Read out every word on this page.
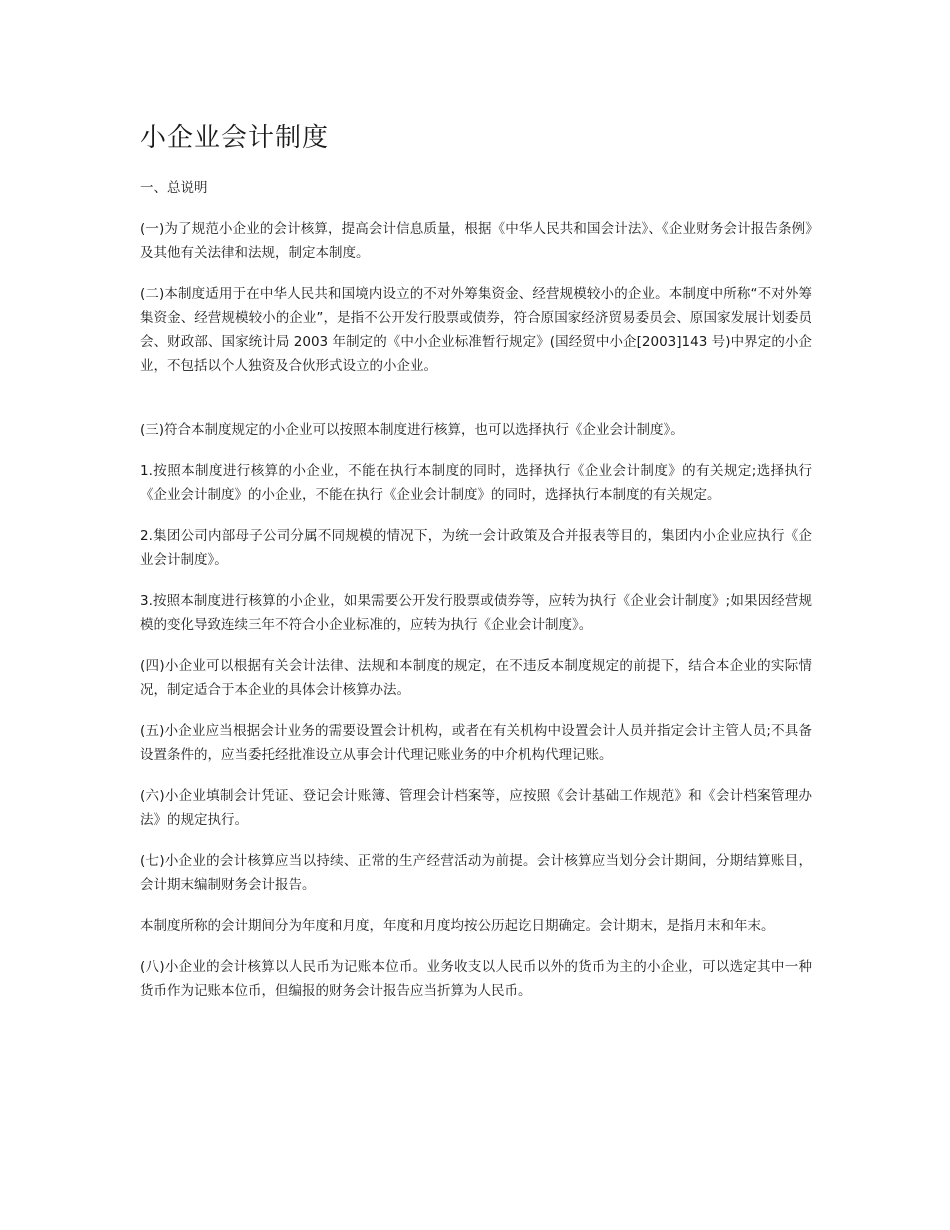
小企业会计制度

一、总说明

(一)为了规范小企业的会计核算，提高会计信息质量，根据《中华人民共和国会计法》、《企业财务会计报告条例》及其他有关法律和法规，制定本制度。

(二)本制度适用于在中华人民共和国境内设立的不对外筹集资金、经营规模较小的企业。本制度中所称“不对外筹集资金、经营规模较小的企业”，是指不公开发行股票或债券，符合原国家经济贸易委员会、原国家发展计划委员会、财政部、国家统计局 2003 年制定的《中小企业标准暂行规定》(国经贸中小企[2003]143 号)中界定的小企业，不包括以个人独资及合伙形式设立的小企业。

(三)符合本制度规定的小企业可以按照本制度进行核算，也可以选择执行《企业会计制度》。

1.按照本制度进行核算的小企业，不能在执行本制度的同时，选择执行《企业会计制度》的有关规定;选择执行《企业会计制度》的小企业，不能在执行《企业会计制度》的同时，选择执行本制度的有关规定。

2.集团公司内部母子公司分属不同规模的情况下，为统一会计政策及合并报表等目的，集团内小企业应执行《企业会计制度》。

3.按照本制度进行核算的小企业，如果需要公开发行股票或债券等，应转为执行《企业会计制度》;如果因经营规模的变化导致连续三年不符合小企业标准的，应转为执行《企业会计制度》。

(四)小企业可以根据有关会计法律、法规和本制度的规定，在不违反本制度规定的前提下，结合本企业的实际情况，制定适合于本企业的具体会计核算办法。

(五)小企业应当根据会计业务的需要设置会计机构，或者在有关机构中设置会计人员并指定会计主管人员;不具备设置条件的，应当委托经批准设立从事会计代理记账业务的中介机构代理记账。

(六)小企业填制会计凭证、登记会计账簿、管理会计档案等，应按照《会计基础工作规范》和《会计档案管理办法》的规定执行。

(七)小企业的会计核算应当以持续、正常的生产经营活动为前提。会计核算应当划分会计期间，分期结算账目，会计期末编制财务会计报告。

本制度所称的会计期间分为年度和月度，年度和月度均按公历起讫日期确定。会计期末，是指月末和年末。

(八)小企业的会计核算以人民币为记账本位币。业务收支以人民币以外的货币为主的小企业，可以选定其中一种货币作为记账本位币，但编报的财务会计报告应当折算为人民币。
